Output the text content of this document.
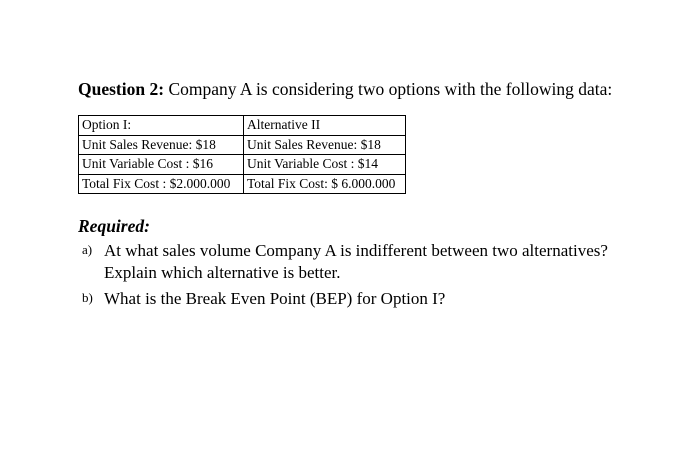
Question 2: Company A is considering two options with the following data:

Option I:	Alternative II
Unit Sales Revenue: $18	Unit Sales Revenue: $18
Unit Variable Cost : $16	Unit Variable Cost : $14
Total Fix Cost : $2.000.000	Total Fix Cost: $ 6.000.000
Required:
a) At what sales volume Company A is indifferent between two alternatives? Explain which alternative is better.
b) What is the Break Even Point (BEP) for Option I?
